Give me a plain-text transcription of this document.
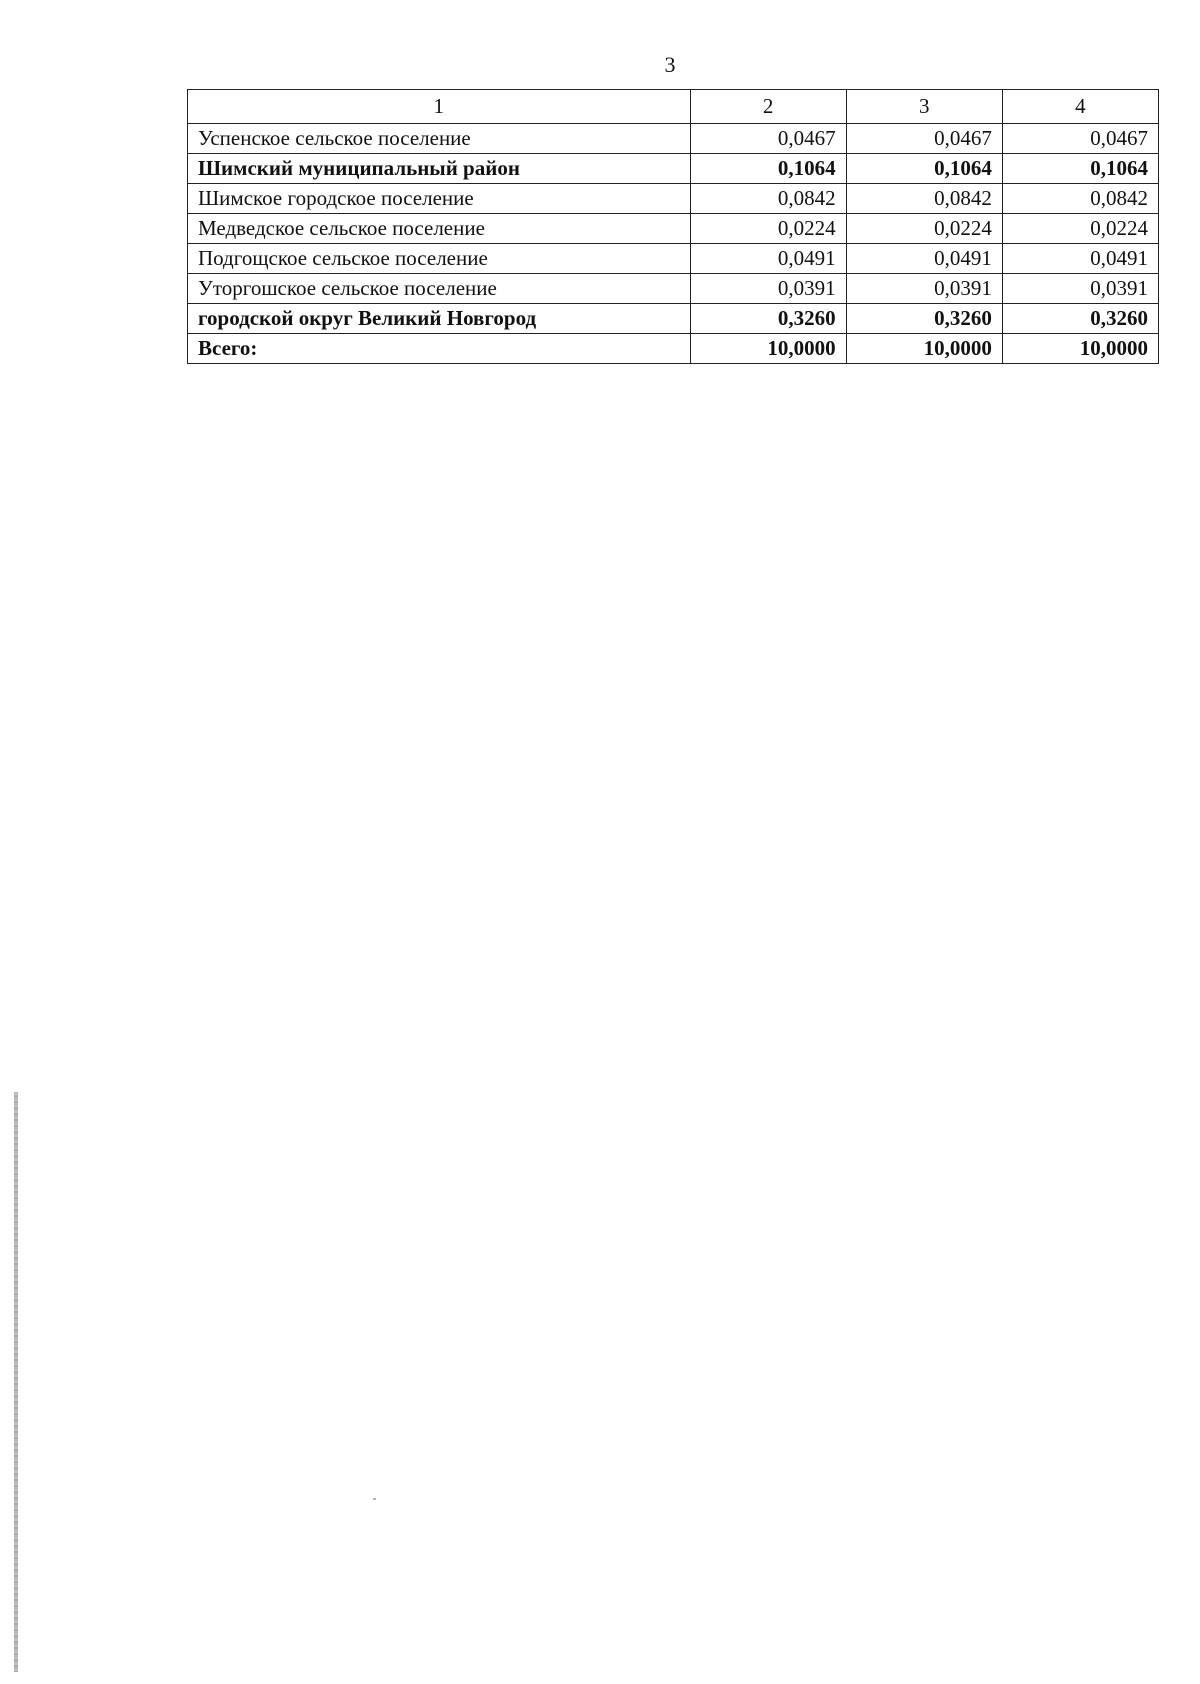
3
1	2	3	4
Успенское сельское поселение	0,0467	0,0467	0,0467
Шимский муниципальный район	0,1064	0,1064	0,1064
Шимское городское поселение	0,0842	0,0842	0,0842
Медведское сельское поселение	0,0224	0,0224	0,0224
Подгощское сельское поселение	0,0491	0,0491	0,0491
Уторгошское сельское поселение	0,0391	0,0391	0,0391
городской округ Великий Новгород	0,3260	0,3260	0,3260
Всего:	10,0000	10,0000	10,0000
